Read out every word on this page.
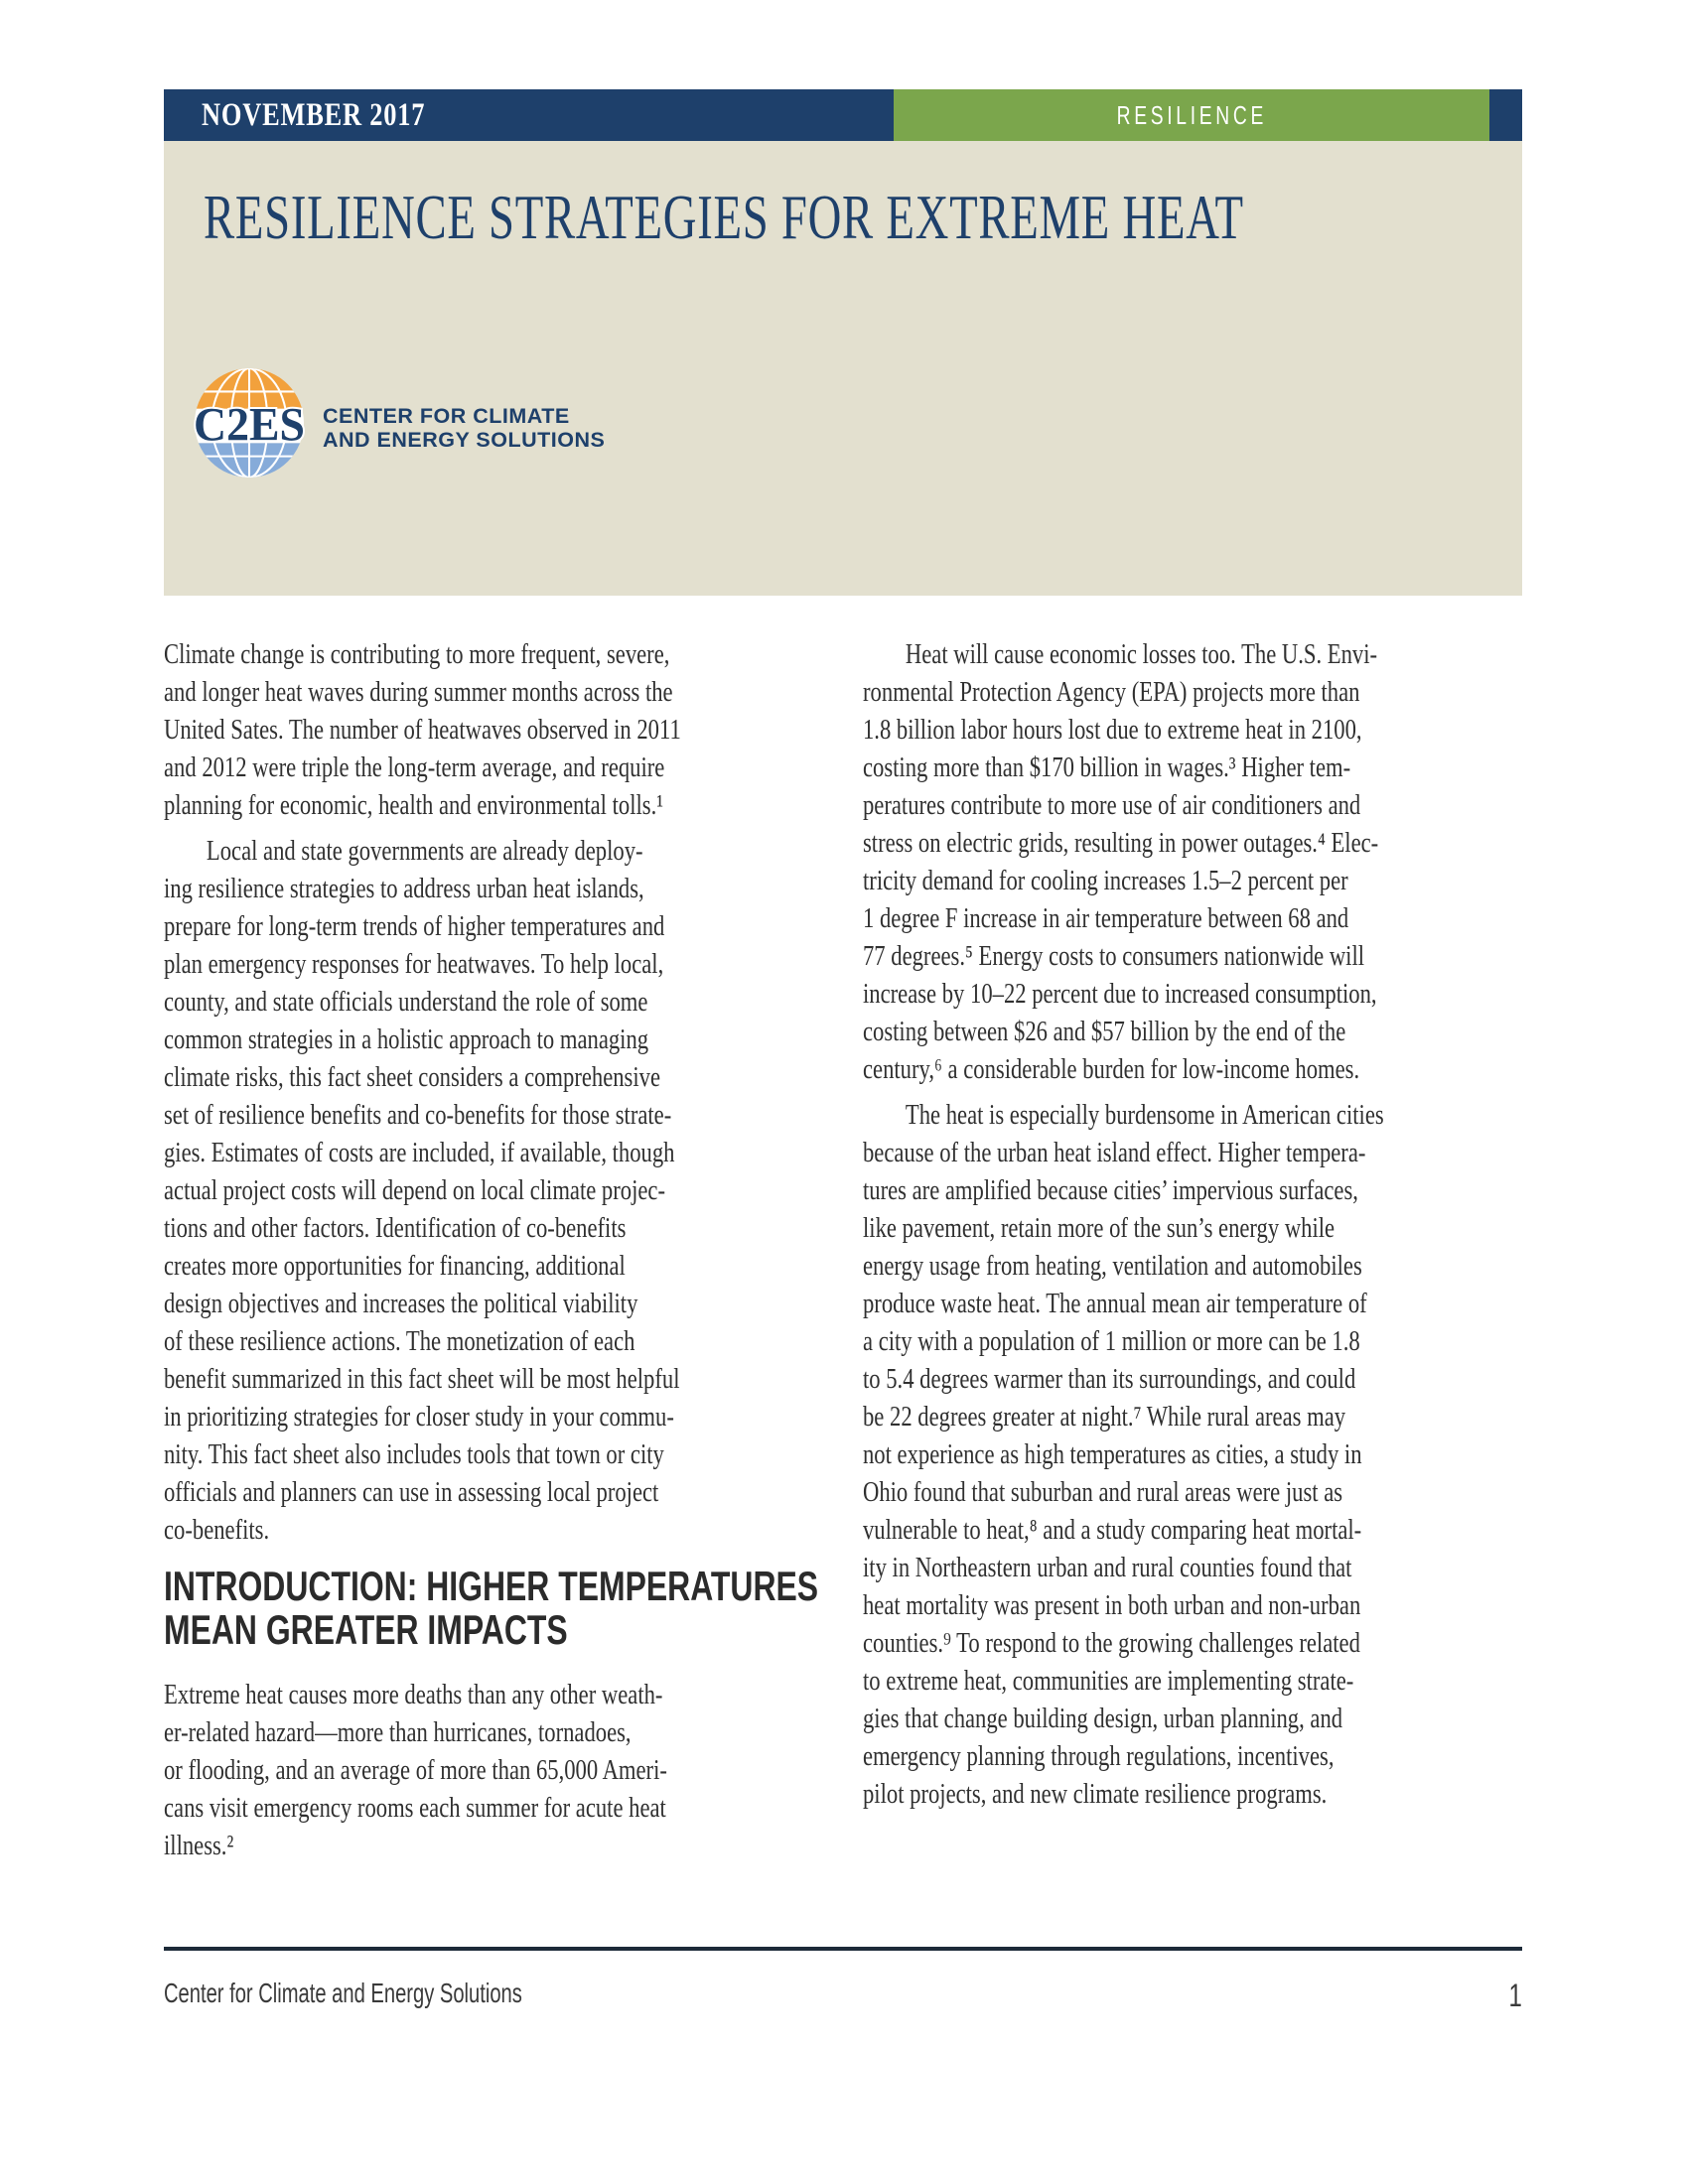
NOVEMBER 2017	RESILIENCE
RESILIENCE STRATEGIES FOR EXTREME HEAT
C2ES CENTER FOR CLIMATE
AND ENERGY SOLUTIONS
Climate change is contributing to more frequent, severe,
and longer heat waves during summer months across the
United Sates. The number of heatwaves observed in 2011
and 2012 were triple the long-term average, and require
planning for economic, health and environmental tolls.¹
Local and state governments are already deploy-
ing resilience strategies to address urban heat islands,
prepare for long-term trends of higher temperatures and
plan emergency responses for heatwaves. To help local,
county, and state officials understand the role of some
common strategies in a holistic approach to managing
climate risks, this fact sheet considers a comprehensive
set of resilience benefits and co-benefits for those strate-
gies. Estimates of costs are included, if available, though
actual project costs will depend on local climate projec-
tions and other factors. Identification of co-benefits
creates more opportunities for financing, additional
design objectives and increases the political viability
of these resilience actions. The monetization of each
benefit summarized in this fact sheet will be most helpful
in prioritizing strategies for closer study in your commu-
nity. This fact sheet also includes tools that town or city
officials and planners can use in assessing local project
co-benefits.
INTRODUCTION: HIGHER TEMPERATURES
MEAN GREATER IMPACTS
Extreme heat causes more deaths than any other weath-
er-related hazard—more than hurricanes, tornadoes,
or flooding, and an average of more than 65,000 Ameri-
cans visit emergency rooms each summer for acute heat
illness.²
Heat will cause economic losses too. The U.S. Envi-
ronmental Protection Agency (EPA) projects more than
1.8 billion labor hours lost due to extreme heat in 2100,
costing more than $170 billion in wages.³ Higher tem-
peratures contribute to more use of air conditioners and
stress on electric grids, resulting in power outages.⁴ Elec-
tricity demand for cooling increases 1.5–2 percent per
1 degree F increase in air temperature between 68 and
77 degrees.⁵ Energy costs to consumers nationwide will
increase by 10–22 percent due to increased consumption,
costing between $26 and $57 billion by the end of the
century,⁶ a considerable burden for low-income homes.
The heat is especially burdensome in American cities
because of the urban heat island effect. Higher tempera-
tures are amplified because cities’ impervious surfaces,
like pavement, retain more of the sun’s energy while
energy usage from heating, ventilation and automobiles
produce waste heat. The annual mean air temperature of
a city with a population of 1 million or more can be 1.8
to 5.4 degrees warmer than its surroundings, and could
be 22 degrees greater at night.⁷ While rural areas may
not experience as high temperatures as cities, a study in
Ohio found that suburban and rural areas were just as
vulnerable to heat,⁸ and a study comparing heat mortal-
ity in Northeastern urban and rural counties found that
heat mortality was present in both urban and non-urban
counties.⁹ To respond to the growing challenges related
to extreme heat, communities are implementing strate-
gies that change building design, urban planning, and
emergency planning through regulations, incentives,
pilot projects, and new climate resilience programs.
Center for Climate and Energy Solutions	1
